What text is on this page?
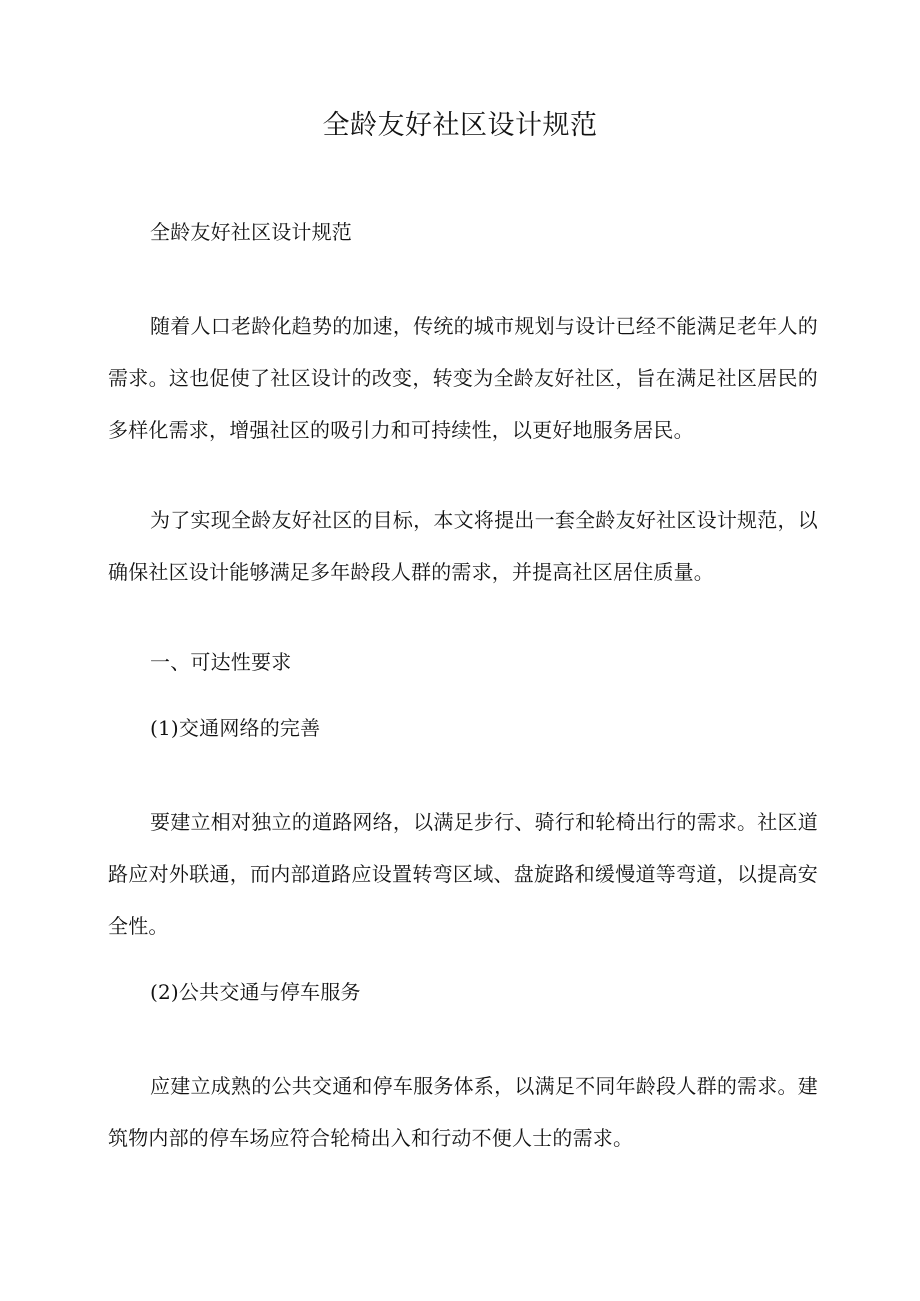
全龄友好社区设计规范

全龄友好社区设计规范

随着人口老龄化趋势的加速，传统的城市规划与设计已经不能满足老年人的需求。这也促使了社区设计的改变，转变为全龄友好社区，旨在满足社区居民的多样化需求，增强社区的吸引力和可持续性，以更好地服务居民。

为了实现全龄友好社区的目标，本文将提出一套全龄友好社区设计规范，以确保社区设计能够满足多年龄段人群的需求，并提高社区居住质量。

一、可达性要求

(1)交通网络的完善

要建立相对独立的道路网络，以满足步行、骑行和轮椅出行的需求。社区道路应对外联通，而内部道路应设置转弯区域、盘旋路和缓慢道等弯道，以提高安全性。

(2)公共交通与停车服务

应建立成熟的公共交通和停车服务体系，以满足不同年龄段人群的需求。建筑物内部的停车场应符合轮椅出入和行动不便人士的需求。
